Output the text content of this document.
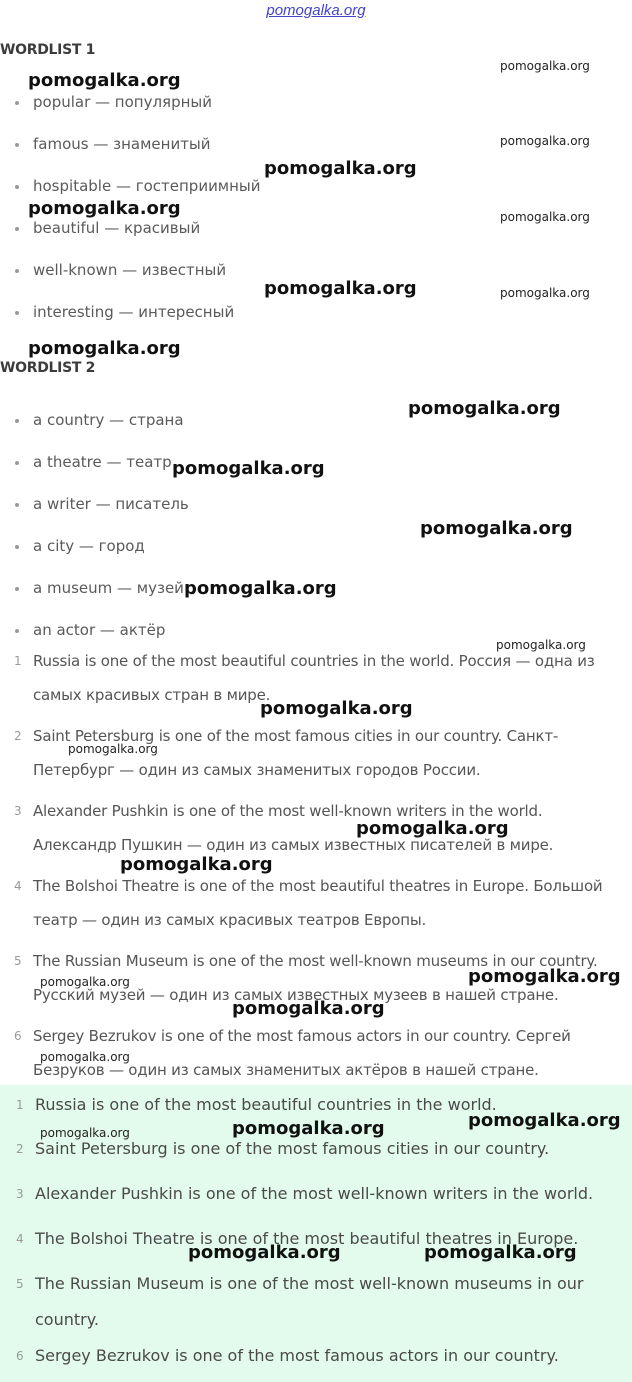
pomogalka.org
WORDLIST 1
popular — популярный
famous — знаменитый
hospitable — гостеприимный
beautiful — красивый
well-known — известный
interesting — интересный
WORDLIST 2
a country — страна
a theatre — театр
a writer — писатель
a city — город
a museum — музей
an actor — актёр
1 Russia is one of the most beautiful countries in the world. Россия — одна из
самых красивых стран в мире.
2 Saint Petersburg is one of the most famous cities in our country. Санкт-
Петербург — один из самых знаменитых городов России.
3 Alexander Pushkin is one of the most well-known writers in the world.
Александр Пушкин — один из самых известных писателей в мире.
4 The Bolshoi Theatre is one of the most beautiful theatres in Europe. Большой
театр — один из самых красивых театров Европы.
5 The Russian Museum is one of the most well-known museums in our country.
Русский музей — один из самых известных музеев в нашей стране.
6 Sergey Bezrukov is one of the most famous actors in our country. Сергей
Безруков — один из самых знаменитых актёров в нашей стране.
1 Russia is one of the most beautiful countries in the world.
2 Saint Petersburg is one of the most famous cities in our country.
3 Alexander Pushkin is one of the most well-known writers in the world.
4 The Bolshoi Theatre is one of the most beautiful theatres in Europe.
5 The Russian Museum is one of the most well-known museums in our
country.
6 Sergey Bezrukov is one of the most famous actors in our country.
pomogalka.org
pomogalka.org
pomogalka.org
pomogalka.org
pomogalka.org	pomogalka.org
pomogalka.org	pomogalka.org
pomogalka.org
pomogalka.org
pomogalka.org
pomogalka.org
pomogalka.org
pomogalka.org
pomogalka.org
pomogalka.org
pomogalka.org
pomogalka.org
pomogalka.org	pomogalka.org
pomogalka.org
pomogalka.org
pomogalka.org
pomogalka.org	pomogalka.org
pomogalka.org	pomogalka.org
